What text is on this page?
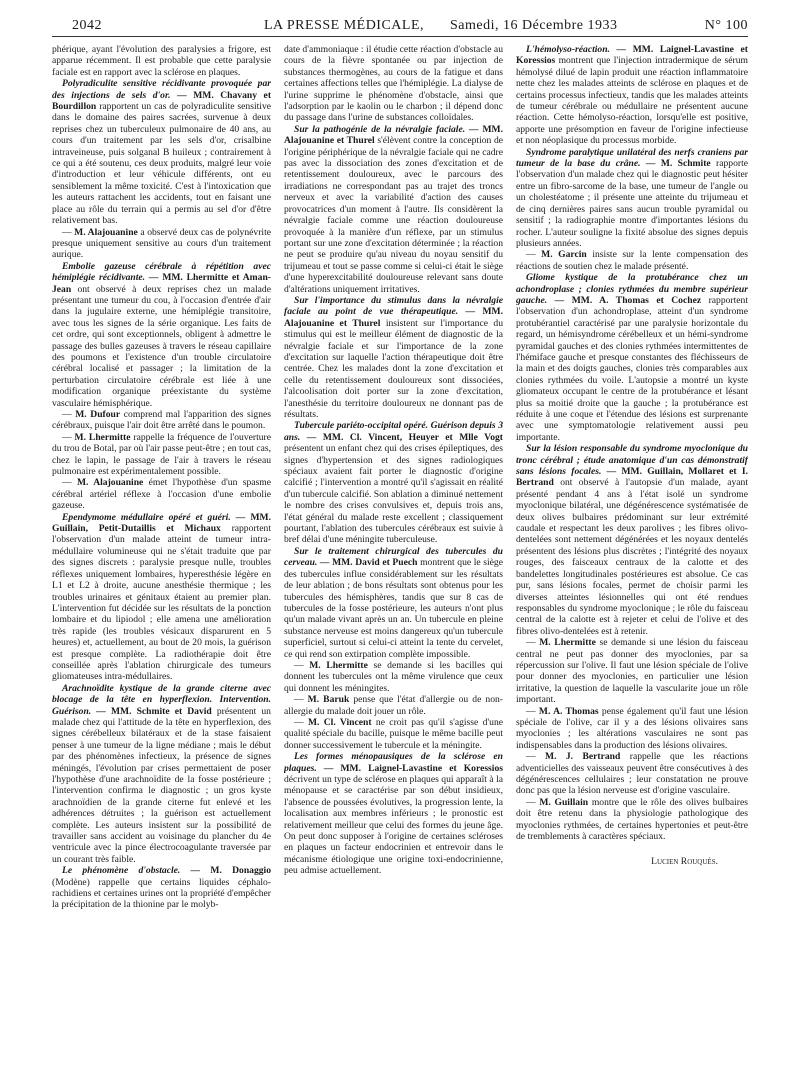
2042	LA PRESSE MÉDICALE, Samedi, 16 Décembre 1933	N° 100

phérique, ayant l'évolution des paralysies a frigore, est apparue récemment. Il est probable que cette paralysie faciale est en rapport avec la sclérose en plaques.

Polyradiculite sensitive récidivante provoquée par des injections de sels d'or. — MM. Chavany et Bourdillon rapportent un cas de polyradiculite sensitive dans le domaine des paires sacrées, survenue à deux reprises chez un tuberculeux pulmonaire de 40 ans, au cours d'un traitement par les sels d'or, crisalbine intraveineuse, puis solganal B huileux ; contrairement à ce qui a été soutenu, ces deux produits, malgré leur voie d'introduction et leur véhicule différents, ont eu sensiblement la même toxicité. C'est à l'intoxication que les auteurs rattachent les accidents, tout en faisant une place au rôle du terrain qui a permis au sel d'or d'être relativement bas.

— M. Alajouanine a observé deux cas de polynévrite presque uniquement sensitive au cours d'un traitement aurique.

Embolie gazeuse cérébrale à répétition avec hémiplégie récidivante. — MM. Lhermitte et Aman-Jean ont observé à deux reprises chez un malade présentant une tumeur du cou, à l'occasion d'entrée d'air dans la jugulaire externe, une hémiplégie transitoire, avec tous les signes de la série organique. Les faits de cet ordre, qui sont exceptionnels, obligent à admettre le passage des bulles gazeuses à travers le réseau capillaire des poumons et l'existence d'un trouble circulatoire cérébral localisé et passager ; la limitation de la perturbation circulatoire cérébrale est liée à une modification organique préexistante du système vasculaire hémisphérique.

— M. Dufour comprend mal l'apparition des signes cérébraux, puisque l'air doit être arrêté dans le poumon.

— M. Lhermitte rappelle la fréquence de l'ouverture du trou de Botal, par où l'air passe peut-être ; en tout cas, chez le lapin, le passage de l'air à travers le réseau pulmonaire est expérimentalement possible.

— M. Alajouanine émet l'hypothèse d'un spasme cérébral artériel réflexe à l'occasion d'une embolie gazeuse.

Ependymome médullaire opéré et guéri. — MM. Guillain, Petit-Dutaillis et Michaux rapportent l'observation d'un malade atteint de tumeur intra-médullaire volumineuse qui ne s'était traduite que par des signes discrets : paralysie presque nulle, troubles réflexes uniquement lombaires, hyperesthésie légère en L1 et L2 à droite, aucune anesthésie thermique ; les troubles urinaires et génitaux étaient au premier plan. L'intervention fut décidée sur les résultats de la ponction lombaire et du lipiodol ; elle amena une amélioration très rapide (les troubles vésicaux disparurent en 5 heures) et, actuellement, au bout de 20 mois, la guérison est presque complète. La radiothérapie doit être conseillée après l'ablation chirurgicale des tumeurs gliomateuses intra-médullaires.

Arachnoïdite kystique de la grande citerne avec blocage de la tête en hyperflexion. Intervention. Guérison. — MM. Schmite et David présentent un malade chez qui l'attitude de la tête en hyperflexion, des signes cérébelleux bilatéraux et de la stase faisaient penser à une tumeur de la ligne médiane ; mais le début par des phénomènes infectieux, la présence de signes méningés, l'évolution par crises permettaient de poser l'hypothèse d'une arachnoïdite de la fosse postérieure ; l'intervention confirma le diagnostic ; un gros kyste arachnoïdien de la grande citerne fut enlevé et les adhérences détruites ; la guérison est actuellement complète. Les auteurs insistent sur la possibilité de travailler sans accident au voisinage du plancher du 4e ventricule avec la pince électrocoagulante traversée par un courant très faible.

Le phénomène d'obstacle. — M. Donaggio (Modène) rappelle que certains liquides céphalo-rachidiens et certaines urines ont la propriété d'empêcher la précipitation de la thionine par le molyb-

date d'ammoniaque : il étudie cette réaction d'obstacle au cours de la fièvre spontanée ou par injection de substances thermogènes, au cours de la fatigue et dans certaines affections telles que l'hémiplégie. La dialyse de l'urine supprime le phénomène d'obstacle, ainsi que l'adsorption par le kaolin ou le charbon ; il dépend donc du passage dans l'urine de substances colloïdales.

Sur la pathogénie de la névralgie faciale. — MM. Alajouanine et Thurel s'élèvent contre la conception de l'origine périphérique de la névralgie faciale qui ne cadre pas avec la dissociation des zones d'excitation et de retentissement douloureux, avec le parcours des irradiations ne correspondant pas au trajet des troncs nerveux et avec la variabilité d'action des causes provocatrices d'un moment à l'autre. Ils considèrent la névralgie faciale comme une réaction douloureuse provoquée à la manière d'un réflexe, par un stimulus portant sur une zone d'excitation déterminée ; la réaction ne peut se produire qu'au niveau du noyau sensitif du trijumeau et tout se passe comme si celui-ci était le siège d'une hyperexcitabilité douloureuse relevant sans doute d'altérations uniquement irritatives.

Sur l'importance du stimulus dans la névralgie faciale au point de vue thérapeutique. — MM. Alajouanine et Thurel insistent sur l'importance du stimulus qui est le meilleur élément de diagnostic de la névralgie faciale et sur l'importance de la zone d'excitation sur laquelle l'action thérapeutique doit être centrée. Chez les malades dont la zone d'excitation et celle du retentissement douloureux sont dissociées, l'alcoolisation doit porter sur la zone d'excitation, l'anesthésie du territoire douloureux ne donnant pas de résultats.

Tubercule pariéto-occipital opéré. Guérison depuis 3 ans. — MM. Cl. Vincent, Heuyer et Mlle Vogt présentent un enfant chez qui des crises épileptiques, des signes d'hypertension et des signes radiologiques spéciaux avaient fait porter le diagnostic d'origine calcifié ; l'intervention a montré qu'il s'agissait en réalité d'un tubercule calcifié. Son ablation a diminué nettement le nombre des crises convulsives et, depuis trois ans, l'état général du malade reste excellent ; classiquement pourtant, l'ablation des tubercules cérébraux est suivie à bref délai d'une méningite tuberculeuse.

Sur le traitement chirurgical des tubercules du cerveau. — MM. David et Puech montrent que le siège des tubercules influe considérablement sur les résultats de leur ablation ; de bons résultats sont obtenus pour les tubercules des hémisphères, tandis que sur 8 cas de tubercules de la fosse postérieure, les auteurs n'ont plus qu'un malade vivant après un an. Un tubercule en pleine substance nerveuse est moins dangereux qu'un tubercule superficiel, surtout si celui-ci atteint la tente du cervelet, ce qui rend son extirpation complète impossible.

— M. Lhermitte se demande si les bacilles qui donnent les tubercules ont la même virulence que ceux qui donnent les méningites.

— M. Baruk pense que l'état d'allergie ou de non-allergie du malade doit jouer un rôle.

— M. Cl. Vincent ne croit pas qu'il s'agisse d'une qualité spéciale du bacille, puisque le même bacille peut donner successivement le tubercule et la méningite.

Les formes ménopausiques de la sclérose en plaques. — MM. Laignel-Lavastine et Koressios décrivent un type de sclérose en plaques qui apparaît à la ménopause et se caractérise par son début insidieux, l'absence de poussées évolutives, la progression lente, la localisation aux membres inférieurs ; le pronostic est relativement meilleur que celui des formes du jeune âge. On peut donc supposer à l'origine de certaines scléroses en plaques un facteur endocrinien et entrevoir dans le mécanisme étiologique une origine toxi-endocrinienne, peu admise actuellement.

L'hémolyso-réaction. — MM. Laignel-Lavastine et Koressios montrent que l'injection intradermique de sérum hémolysé dilué de lapin produit une réaction inflammatoire nette chez les malades atteints de sclérose en plaques et de certains processus infectieux, tandis que les malades atteints de tumeur cérébrale ou médullaire ne présentent aucune réaction. Cette hémolyso-réaction, lorsqu'elle est positive, apporte une présomption en faveur de l'origine infectieuse et non néoplasique du processus morbide.

Syndrome paralytique unilatéral des nerfs craniens par tumeur de la base du crâne. — M. Schmite rapporte l'observation d'un malade chez qui le diagnostic peut hésiter entre un fibro-sarcome de la base, une tumeur de l'angle ou un cholestéatome ; il présente une atteinte du trijumeau et de cinq dernières paires sans aucun trouble pyramidal ou sensitif ; la radiographie montre d'importantes lésions du rocher. L'auteur souligne la fixité absolue des signes depuis plusieurs années.

— M. Garcin insiste sur la lente compensation des réactions de soutien chez le malade présenté.

Gliome kystique de la protubérance chez un achondroplase ; clonies rythmées du membre supérieur gauche. — MM. A. Thomas et Cochez rapportent l'observation d'un achondroplase, atteint d'un syndrome protubérantiel caractérisé par une paralysie horizontale du regard, un hémisyndrome cérébelleux et un hémi-syndrome pyramidal gauches et des clonies rythmées intermittentes de l'hémiface gauche et presque constantes des fléchisseurs de la main et des doigts gauches, clonies très comparables aux clonies rythmées du voile. L'autopsie a montré un kyste gliomateux occupant le centre de la protubérance et lésant plus sa moitié droite que la gauche ; la protubérance est réduite à une coque et l'étendue des lésions est surprenante avec une symptomatologie relativement aussi peu importante.

Sur la lésion responsable du syndrome myoclonique du tronc cérébral ; étude anatomique d'un cas démonstratif sans lésions focales. — MM. Guillain, Mollaret et I. Bertrand ont observé à l'autopsie d'un malade, ayant présenté pendant 4 ans à l'état isolé un syndrome myoclonique bilatéral, une dégénérescence systématisée de deux olives bulbaires prédominant sur leur extrémité caudale et respectant les deux parolives ; les fibres olivo-dentelées sont nettement dégénérées et les noyaux dentelés présentent des lésions plus discrètes ; l'intégrité des noyaux rouges, des faisceaux centraux de la calotte et des bandelettes longitudinales postérieures est absolue. Ce cas pur, sans lésions focales, permet de choisir parmi les diverses atteintes lésionnelles qui ont été rendues responsables du syndrome myoclonique ; le rôle du faisceau central de la calotte est à rejeter et celui de l'olive et des fibres olivo-dentelées est à retenir.

— M. Lhermitte se demande si une lésion du faisceau central ne peut pas donner des myoclonies, par sa répercussion sur l'olive. Il faut une lésion spéciale de l'olive pour donner des myoclonies, en particulier une lésion irritative, la question de laquelle la vascularite joue un rôle important.

— M. A. Thomas pense également qu'il faut une lésion spéciale de l'olive, car il y a des lésions olivaires sans myoclonies ; les altérations vasculaires ne sont pas indispensables dans la production des lésions olivaires.

— M. J. Bertrand rappelle que les réactions adventicielles des vaisseaux peuvent être consécutives à des dégénérescences cellulaires ; leur constatation ne prouve donc pas que la lésion nerveuse est d'origine vasculaire.

— M. Guillain montre que le rôle des olives bulbaires doit être retenu dans la physiologie pathologique des myoclonies rythmées, de certaines hypertonies et peut-être de tremblements à caractères spéciaux.

Lucien Rouquès.
